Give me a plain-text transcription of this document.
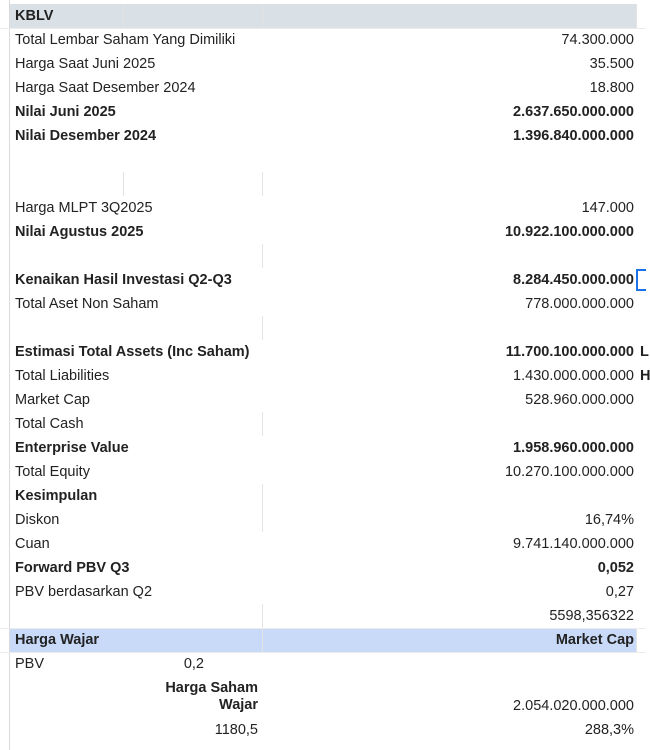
KBLV
Total Lembar Saham Yang Dimiliki	74.300.000
Harga Saat Juni 2025	35.500
Harga Saat Desember 2024	18.800
Nilai Juni 2025	2.637.650.000.000
Nilai Desember 2024	1.396.840.000.000
Harga MLPT 3Q2025	147.000
Nilai Agustus 2025	10.922.100.000.000
Kenaikan Hasil Investasi Q2-Q3	8.284.450.000.000
Total Aset Non Saham	778.000.000.000
Estimasi Total Assets (Inc Saham)	11.700.100.000.000 L
Total Liabilities	1.430.000.000.000 H
Market Cap	528.960.000.000
Total Cash
Enterprise Value	1.958.960.000.000
Total Equity	10.270.100.000.000
Kesimpulan
Diskon	16,74%
Cuan	9.741.140.000.000
Forward PBV Q3	0,052
PBV berdasarkan Q2	0,27
5598,356322
Harga Wajar	Market Cap
PBV	0,2
Harga Saham
Wajar	2.054.020.000.000
1180,5	288,3%
